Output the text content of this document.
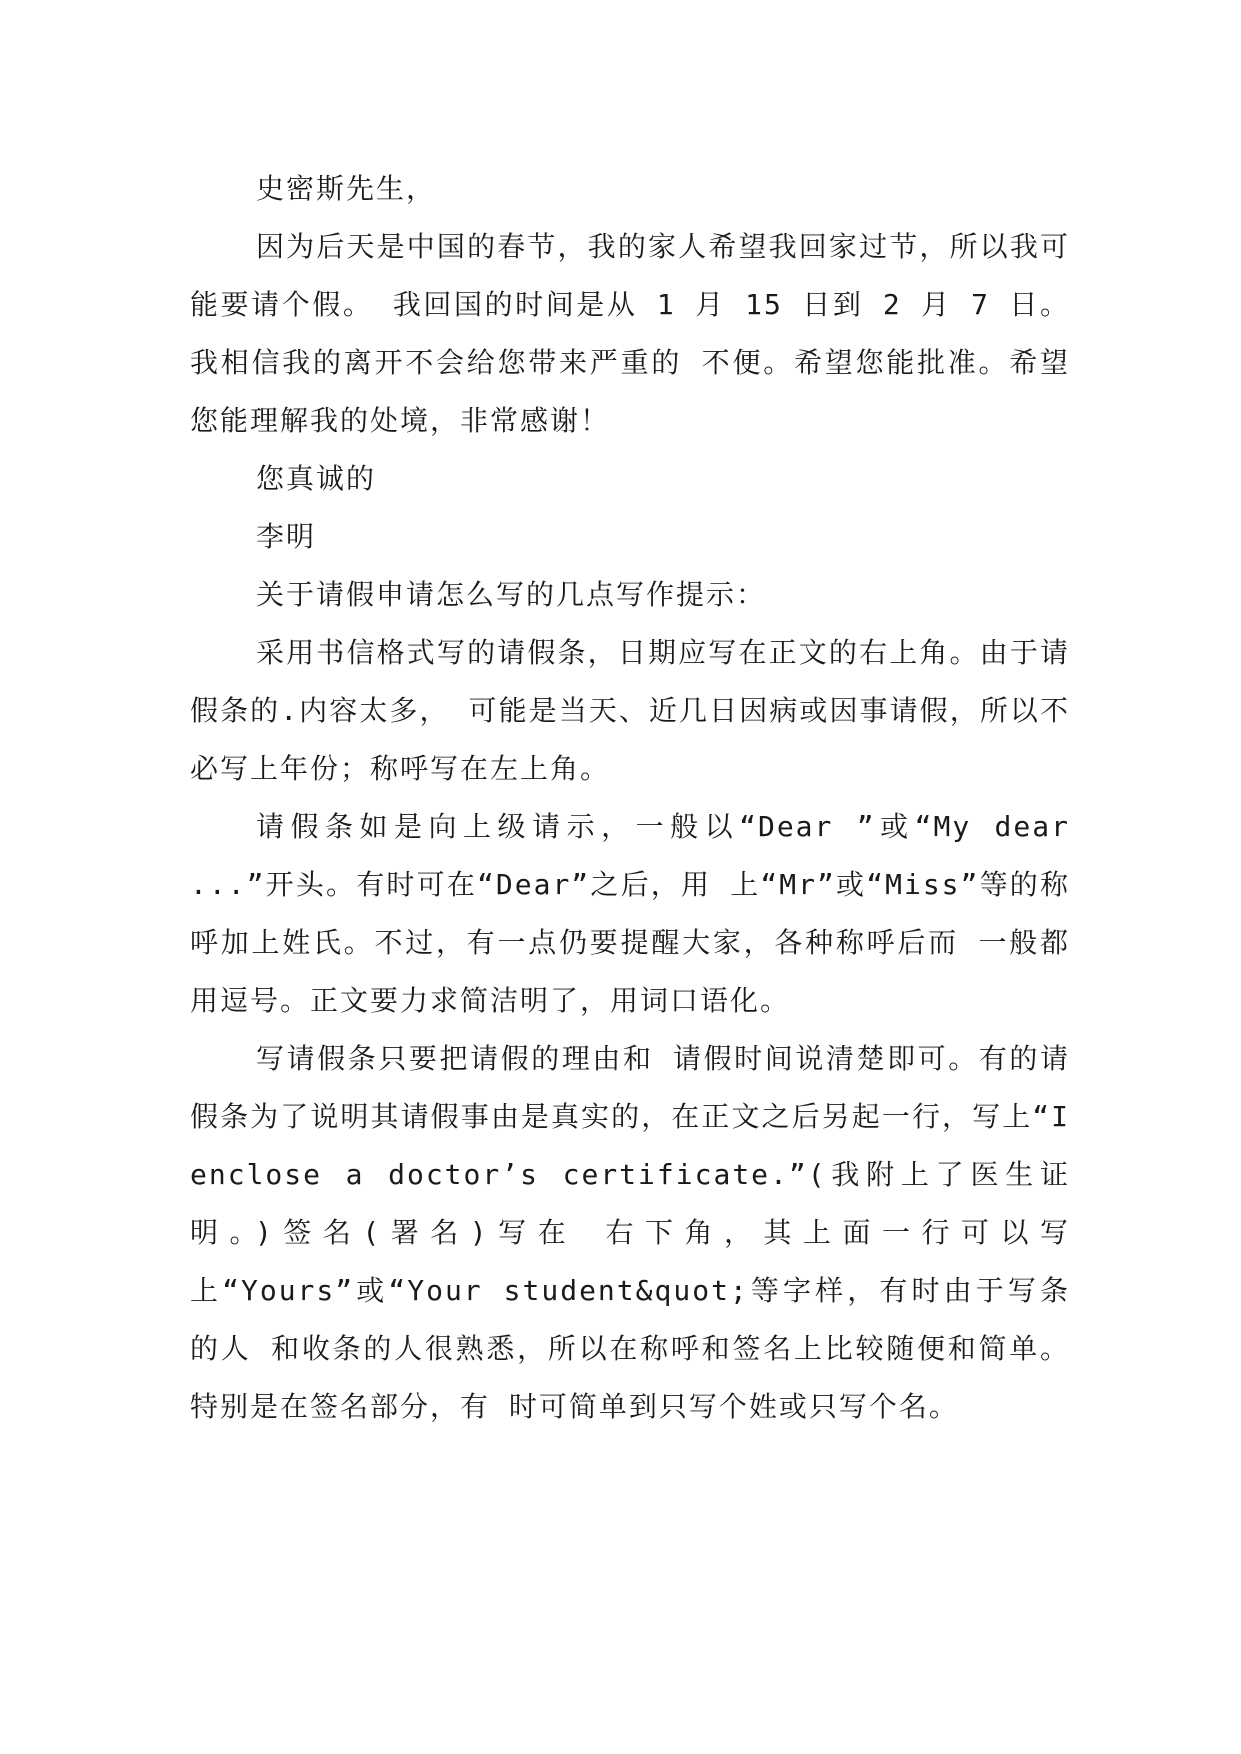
史密斯先生，

因为后天是中国的春节，我的家人希望我回家过节，所以我可能要请个假。 我回国的时间是从 1 月 15 日到 2 月 7 日。我相信我的离开不会给您带来严重的 不便。希望您能批准。希望您能理解我的处境，非常感谢！

您真诚的

李明

关于请假申请怎么写的几点写作提示：

采用书信格式写的请假条，日期应写在正文的右上角。由于请假条的.内容太多， 可能是当天、近几日因病或因事请假，所以不必写上年份；称呼写在左上角。

请假条如是向上级请示，一般以“Dear ”或“My dear ...”开头。有时可在“Dear”之后，用 上“Mr”或“Miss”等的称呼加上姓氏。不过，有一点仍要提醒大家，各种称呼后而 一般都用逗号。正文要力求简洁明了，用词口语化。

写请假条只要把请假的理由和 请假时间说清楚即可。有的请假条为了说明其请假事由是真实的，在正文之后另起一行，写上“I enclose a doctor’s certificate.”(我附上了医生证明。)签名(署名)写在 右下角，其上面一行可以写上“Yours”或“Your student&quot;等字样，有时由于写条的人 和收条的人很熟悉，所以在称呼和签名上比较随便和简单。特别是在签名部分，有 时可简单到只写个姓或只写个名。
